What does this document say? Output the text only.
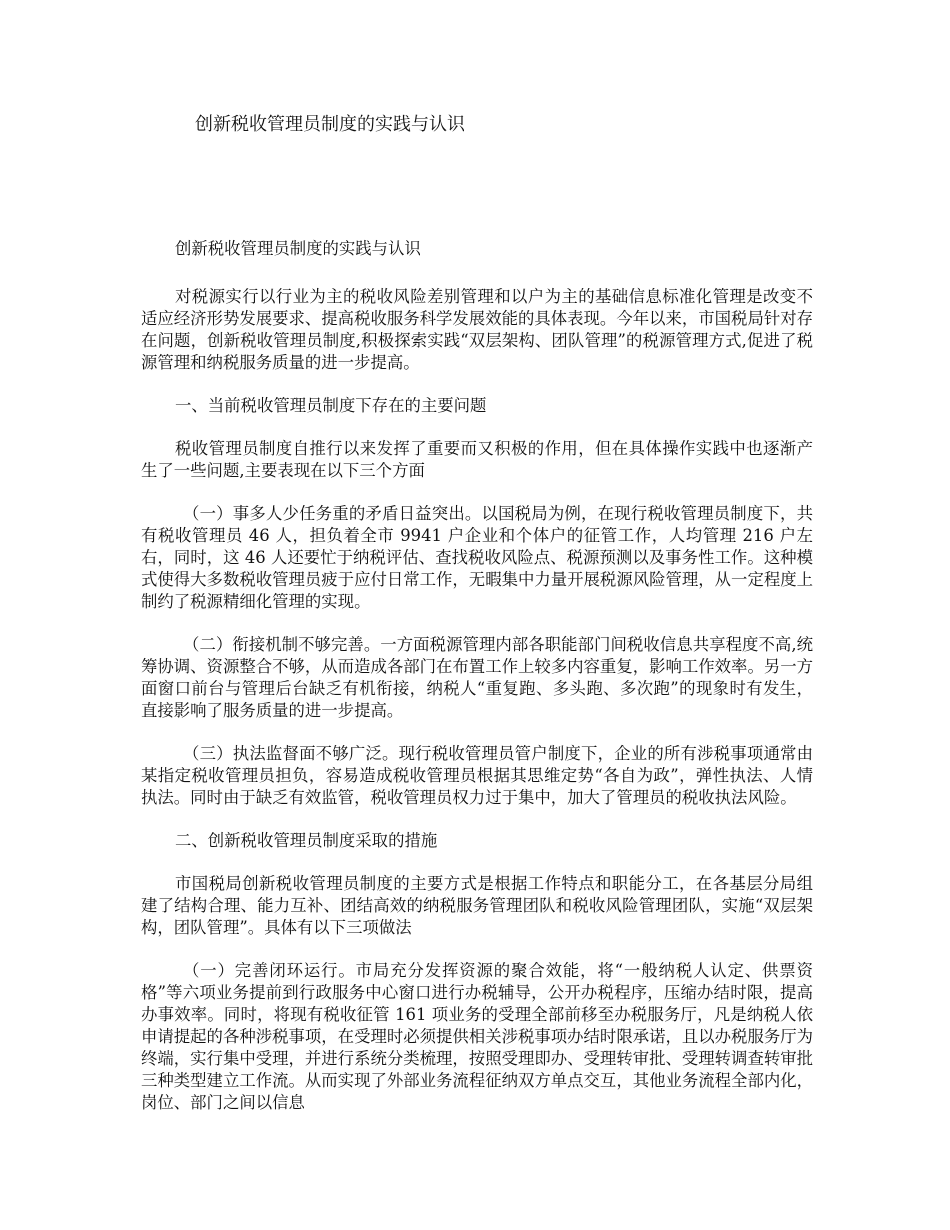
创新税收管理员制度的实践与认识
创新税收管理员制度的实践与认识

对税源实行以行业为主的税收风险差别管理和以户为主的基础信息标准化管理是改变不适应经济形势发展要求、提高税收服务科学发展效能的具体表现。今年以来，市国税局针对存在问题，创新税收管理员制度,积极探索实践“双层架构、团队管理”的税源管理方式,促进了税源管理和纳税服务质量的进一步提高。

一、当前税收管理员制度下存在的主要问题

税收管理员制度自推行以来发挥了重要而又积极的作用，但在具体操作实践中也逐渐产生了一些问题,主要表现在以下三个方面

（一）事多人少任务重的矛盾日益突出。以国税局为例，在现行税收管理员制度下，共有税收管理员 46 人，担负着全市 9941 户企业和个体户的征管工作，人均管理 216 户左右，同时，这 46 人还要忙于纳税评估、查找税收风险点、税源预测以及事务性工作。这种模式使得大多数税收管理员疲于应付日常工作，无暇集中力量开展税源风险管理，从一定程度上制约了税源精细化管理的实现。

（二）衔接机制不够完善。一方面税源管理内部各职能部门间税收信息共享程度不高,统筹协调、资源整合不够，从而造成各部门在布置工作上较多内容重复，影响工作效率。另一方面窗口前台与管理后台缺乏有机衔接，纳税人“重复跑、多头跑、多次跑”的现象时有发生，直接影响了服务质量的进一步提高。

（三）执法监督面不够广泛。现行税收管理员管户制度下，企业的所有涉税事项通常由某指定税收管理员担负，容易造成税收管理员根据其思维定势“各自为政”，弹性执法、人情执法。同时由于缺乏有效监管，税收管理员权力过于集中，加大了管理员的税收执法风险。

二、创新税收管理员制度采取的措施

市国税局创新税收管理员制度的主要方式是根据工作特点和职能分工，在各基层分局组建了结构合理、能力互补、团结高效的纳税服务管理团队和税收风险管理团队，实施“双层架构，团队管理”。具体有以下三项做法

（一）完善闭环运行。市局充分发挥资源的聚合效能，将“一般纳税人认定、供票资格”等六项业务提前到行政服务中心窗口进行办税辅导，公开办税程序，压缩办结时限，提高办事效率。同时，将现有税收征管 161 项业务的受理全部前移至办税服务厅，凡是纳税人依申请提起的各种涉税事项，在受理时必须提供相关涉税事项办结时限承诺，且以办税服务厅为终端，实行集中受理，并进行系统分类梳理，按照受理即办、受理转审批、受理转调查转审批三种类型建立工作流。从而实现了外部业务流程征纳双方单点交互，其他业务流程全部内化，岗位、部门之间以信息
